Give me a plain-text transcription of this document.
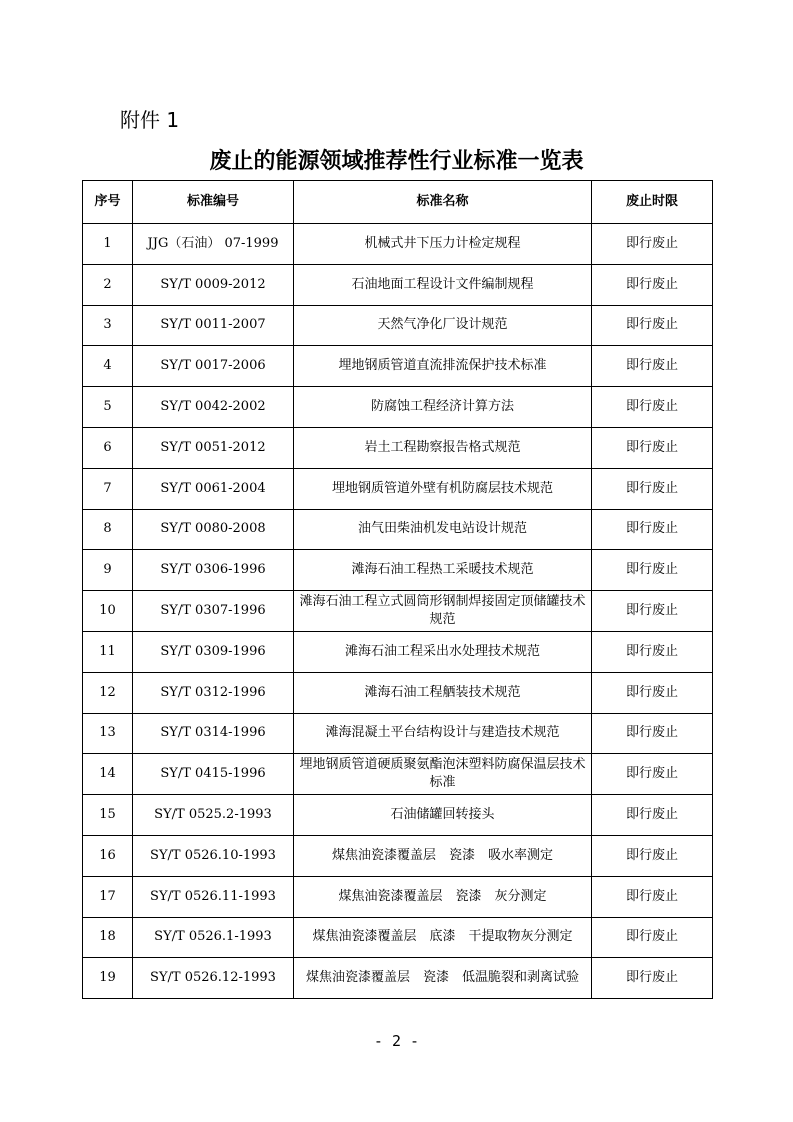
附件 1
废止的能源领域推荐性行业标准一览表
序号	标准编号	标准名称	废止时限
1	JJG（石油） 07-1999	机械式井下压力计检定规程	即行废止
2	SY/T 0009-2012	石油地面工程设计文件编制规程	即行废止
3	SY/T 0011-2007	天然气净化厂设计规范	即行废止
4	SY/T 0017-2006	埋地钢质管道直流排流保护技术标准	即行废止
5	SY/T 0042-2002	防腐蚀工程经济计算方法	即行废止
6	SY/T 0051-2012	岩土工程勘察报告格式规范	即行废止
7	SY/T 0061-2004	埋地钢质管道外壁有机防腐层技术规范	即行废止
8	SY/T 0080-2008	油气田柴油机发电站设计规范	即行废止
9	SY/T 0306-1996	滩海石油工程热工采暖技术规范	即行废止
10	SY/T 0307-1996	滩海石油工程立式圆筒形钢制焊接固定顶储罐技术规范	即行废止
11	SY/T 0309-1996	滩海石油工程采出水处理技术规范	即行废止
12	SY/T 0312-1996	滩海石油工程舾装技术规范	即行废止
13	SY/T 0314-1996	滩海混凝土平台结构设计与建造技术规范	即行废止
14	SY/T 0415-1996	埋地钢质管道硬质聚氨酯泡沫塑料防腐保温层技术标准	即行废止
15	SY/T 0525.2-1993	石油储罐回转接头	即行废止
16	SY/T 0526.10-1993	煤焦油瓷漆覆盖层　瓷漆　吸水率测定	即行废止
17	SY/T 0526.11-1993	煤焦油瓷漆覆盖层　瓷漆　灰分测定	即行废止
18	SY/T 0526.1-1993	煤焦油瓷漆覆盖层　底漆　干提取物灰分测定	即行废止
19	SY/T 0526.12-1993	煤焦油瓷漆覆盖层　瓷漆　低温脆裂和剥离试验	即行废止
- 2 -
